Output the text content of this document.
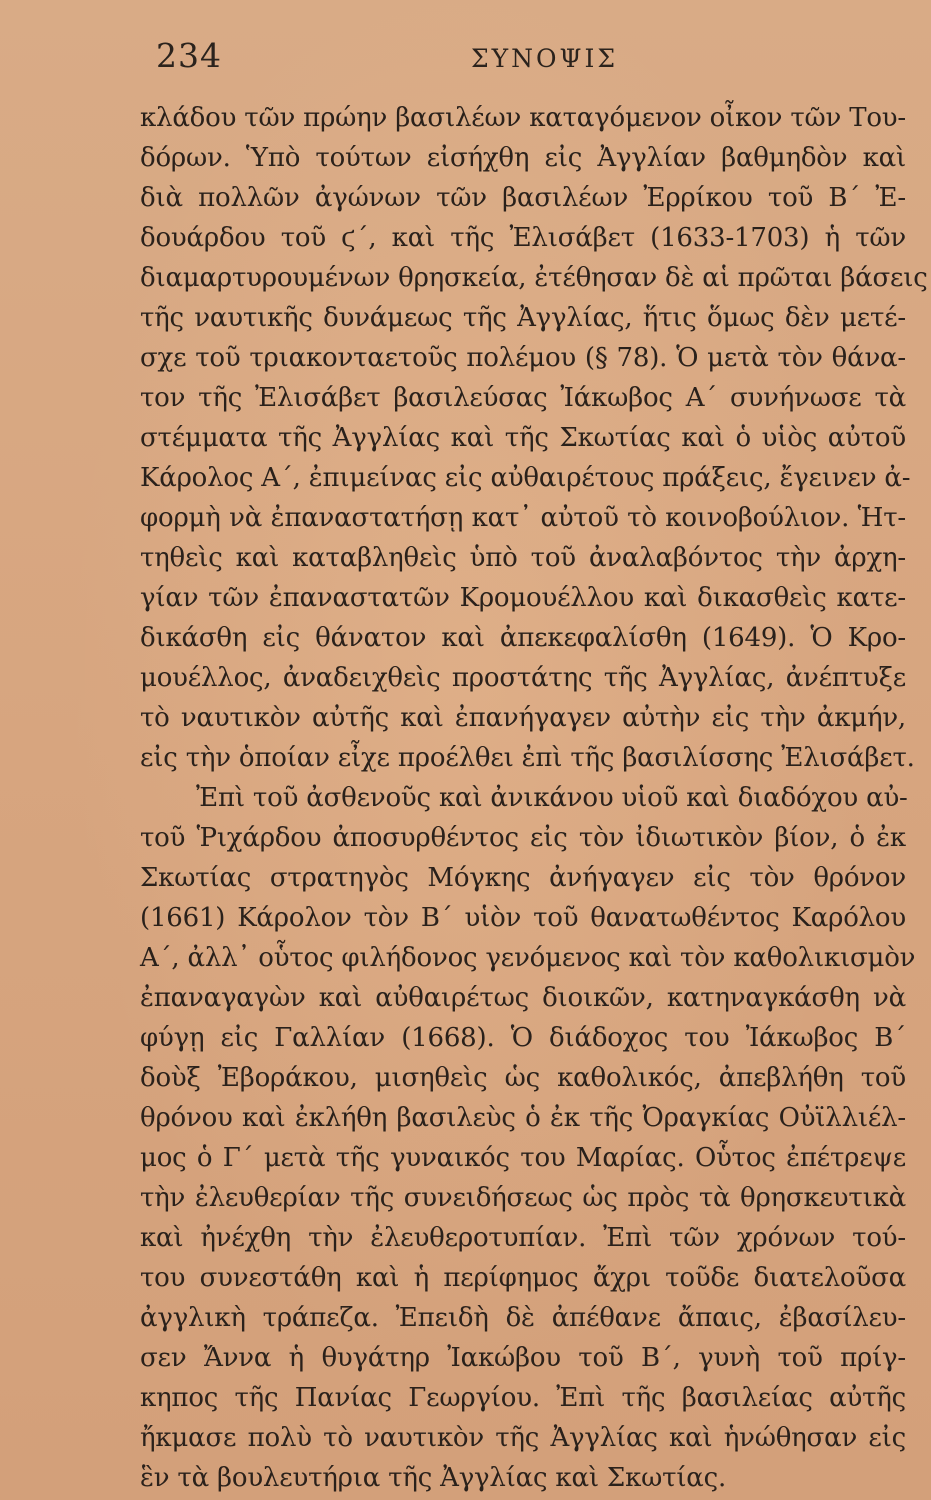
234	ΣΥΝΟΨΙΣ
κλάδου τῶν πρώην βασιλέων καταγόμενον οἶκον τῶν Του-
δόρων. Ὑπὸ τούτων εἰσήχθη εἰς Ἀγγλίαν βαθμηδὸν καὶ
διὰ πολλῶν ἀγώνων τῶν βασιλέων Ἐρρίκου τοῦ Β΄ Ἐ-
δουάρδου τοῦ ϛ΄, καὶ τῆς Ἐλισάβετ (1633-1703) ἡ τῶν
διαμαρτυρουμένων θρησκεία, ἐτέθησαν δὲ αἱ πρῶται βάσεις
τῆς ναυτικῆς δυνάμεως τῆς Ἀγγλίας, ἥτις ὅμως δὲν μετέ-
σχε τοῦ τριακονταετοῦς πολέμου (§ 78). Ὁ μετὰ τὸν θάνα-
τον τῆς Ἐλισάβετ βασιλεύσας Ἰάκωβος Α΄ συνήνωσε τὰ
στέμματα τῆς Ἀγγλίας καὶ τῆς Σκωτίας καὶ ὁ υἱὸς αὐτοῦ
Κάρολος Α΄, ἐπιμείνας εἰς αὐθαιρέτους πράξεις, ἔγεινεν ἀ-
φορμὴ νὰ ἐπαναστατήσῃ κατ᾽ αὐτοῦ τὸ κοινοβούλιον. Ἡτ-
τηθεὶς καὶ καταβληθεὶς ὑπὸ τοῦ ἀναλαβόντος τὴν ἀρχη-
γίαν τῶν ἐπαναστατῶν Κρομουέλλου καὶ δικασθεὶς κατε-
δικάσθη εἰς θάνατον καὶ ἀπεκεφαλίσθη (1649). Ὁ Κρο-
μουέλλος, ἀναδειχθεὶς προστάτης τῆς Ἀγγλίας, ἀνέπτυξε
τὸ ναυτικὸν αὐτῆς καὶ ἐπανήγαγεν αὐτὴν εἰς τὴν ἀκμήν,
εἰς τὴν ὁποίαν εἶχε προέλθει ἐπὶ τῆς βασιλίσσης Ἐλισάβετ.
Ἐπὶ τοῦ ἀσθενοῦς καὶ ἀνικάνου υἱοῦ καὶ διαδόχου αὐ-
τοῦ Ῥιχάρδου ἀποσυρθέντος εἰς τὸν ἰδιωτικὸν βίον, ὁ ἐκ
Σκωτίας στρατηγὸς Μόγκης ἀνήγαγεν εἰς τὸν θρόνον
(1661) Κάρολον τὸν Β΄ υἱὸν τοῦ θανατωθέντος Καρόλου
Α΄, ἀλλ᾽ οὗτος φιλήδονος γενόμενος καὶ τὸν καθολικισμὸν
ἐπαναγαγὼν καὶ αὐθαιρέτως διοικῶν, κατηναγκάσθη νὰ
φύγῃ εἰς Γαλλίαν (1668). Ὁ διάδοχος του Ἰάκωβος Β΄
δοὺξ Ἐβοράκου, μισηθεὶς ὡς καθολικός, ἀπεβλήθη τοῦ
θρόνου καὶ ἐκλήθη βασιλεὺς ὁ ἐκ τῆς Ὀραγκίας Οὐϊλλιέλ-
μος ὁ Γ΄ μετὰ τῆς γυναικός του Μαρίας. Οὗτος ἐπέτρεψε
τὴν ἐλευθερίαν τῆς συνειδήσεως ὡς πρὸς τὰ θρησκευτικὰ
καὶ ἠνέχθη τὴν ἐλευθεροτυπίαν. Ἐπὶ τῶν χρόνων τού-
του συνεστάθη καὶ ἡ περίφημος ἄχρι τοῦδε διατελοῦσα
ἀγγλικὴ τράπεζα. Ἐπειδὴ δὲ ἀπέθανε ἄπαις, ἐβασίλευ-
σεν Ἄννα ἡ θυγάτηρ Ἰακώβου τοῦ Β΄, γυνὴ τοῦ πρίγ-
κηπος τῆς Πανίας Γεωργίου. Ἐπὶ τῆς βασιλείας αὐτῆς
ἤκμασε πολὺ τὸ ναυτικὸν τῆς Ἀγγλίας καὶ ἡνώθησαν εἰς
ἓν τὰ βουλευτήρια τῆς Ἀγγλίας καὶ Σκωτίας.
